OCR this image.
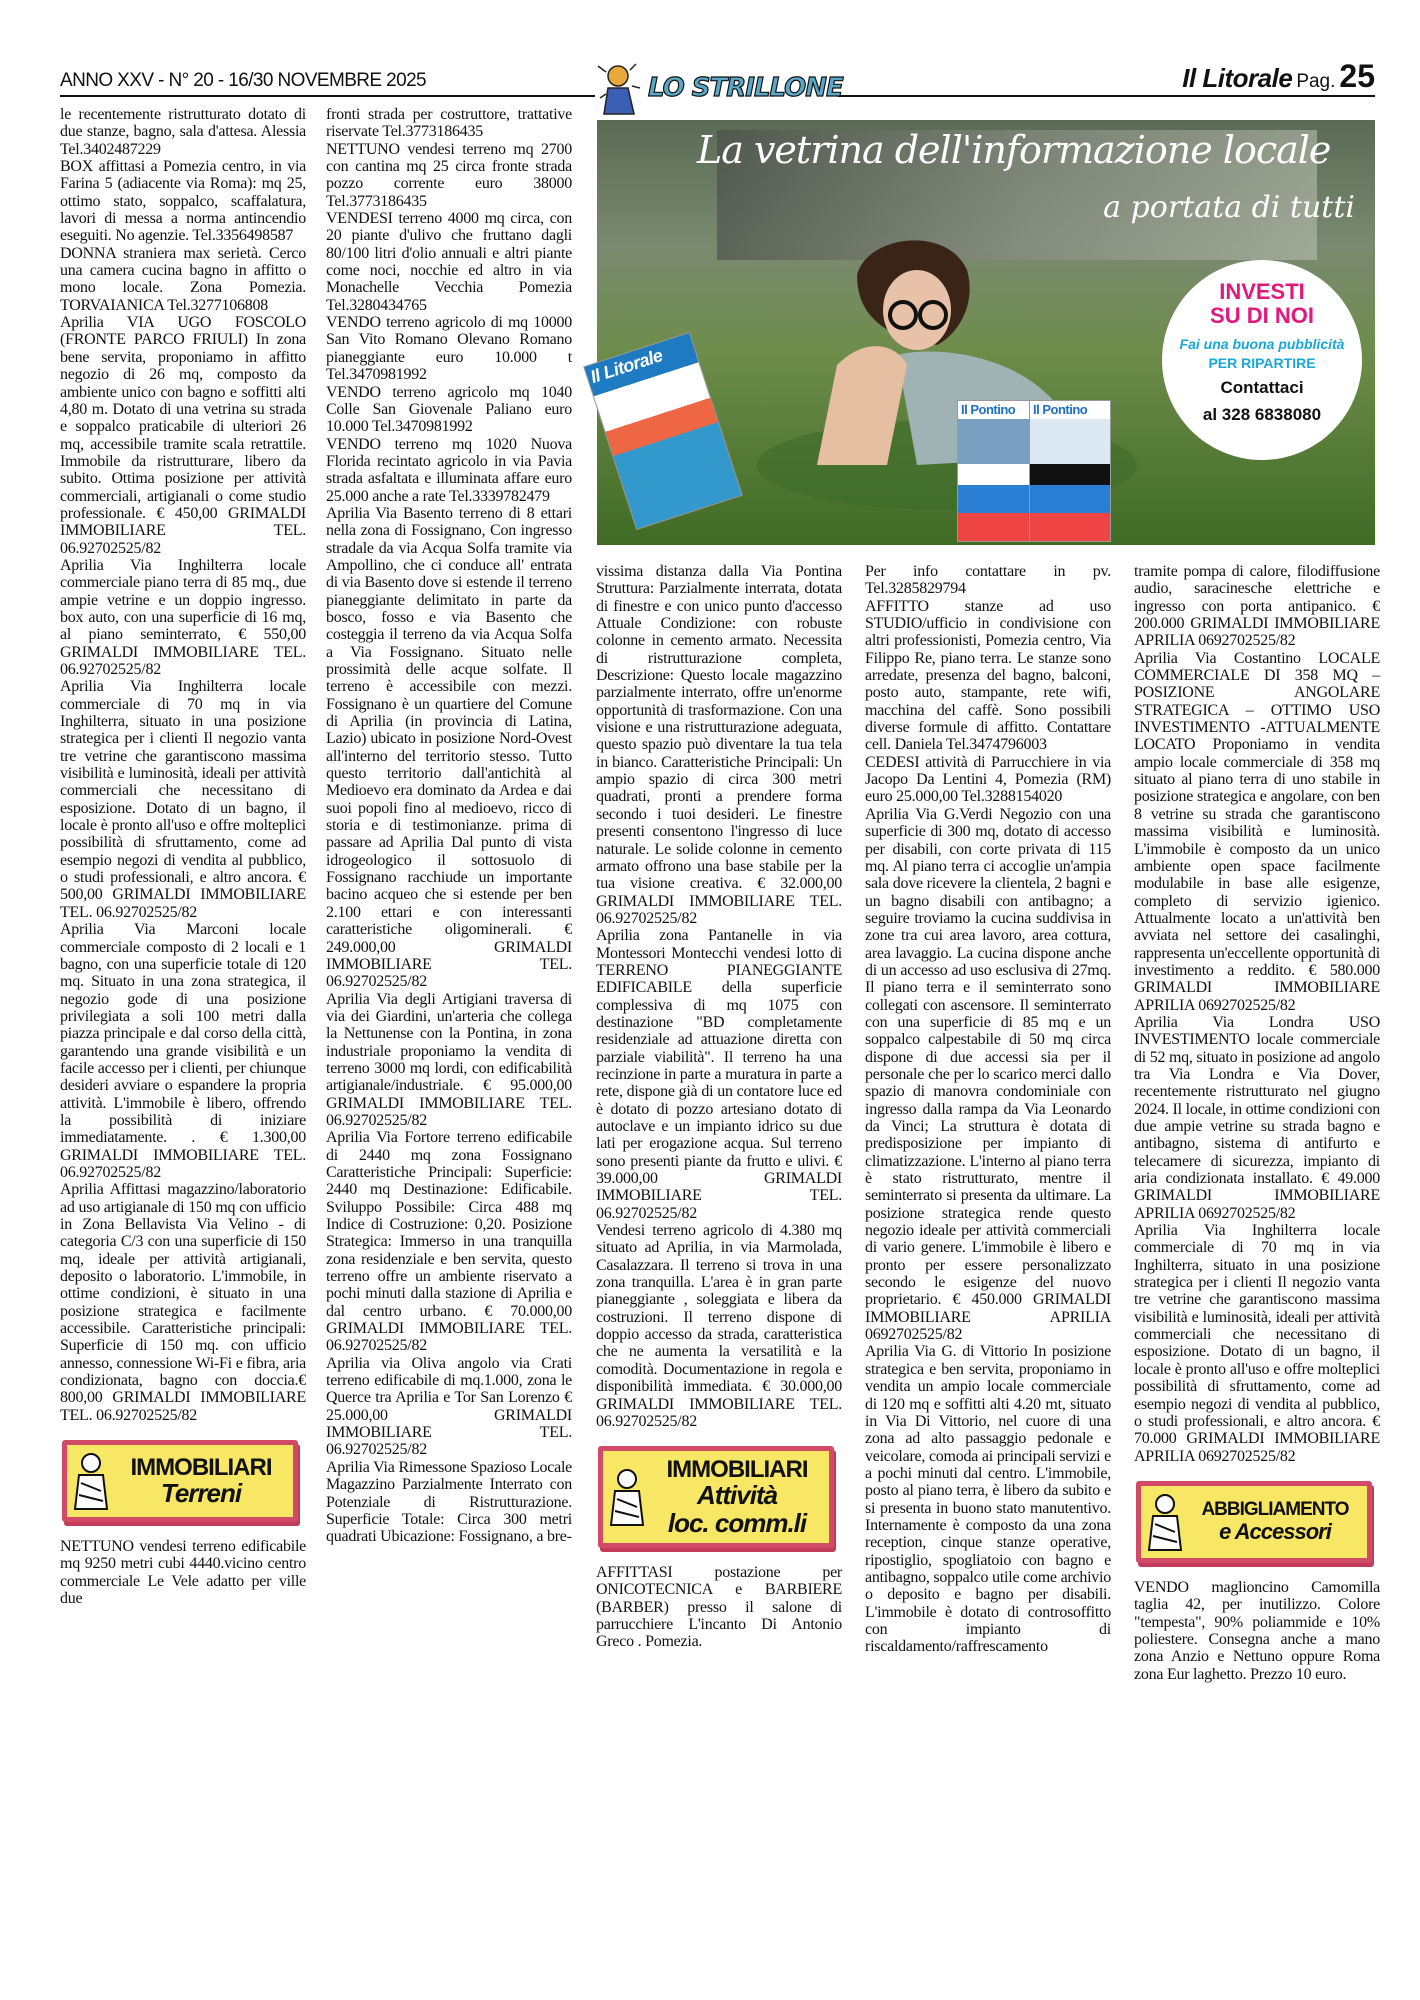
ANNO XXV - N° 20 - 16/30 NOVEMBRE 2025	LO STRILLONE	Il Litorale Pag. 25
Il Litorale
Il Pontino	Il Pontino
La vetrina dell'informazione locale
a portata di tutti
INVESTI
SU DI NOI
Fai una buona pubblicità
PER RIPARTIRE
Contattaci
al 328 6838080

le recentemente ristrutturato dotato di due stanze, bagno, sala d'attesa. Alessia Tel.3402487229

BOX affittasi a Pomezia centro, in via Farina 5 (adiacente via Roma): mq 25, ottimo stato, soppalco, scaffalatura, lavori di messa a norma antincendio eseguiti. No agenzie. Tel.3356498587

DONNA straniera max serietà. Cerco una camera cucina bagno in affitto o mono locale. Zona Pomezia. TORVAIANICA Tel.3277106808

Aprilia VIA UGO FOSCOLO (FRONTE PARCO FRIULI) In zona bene servita, proponiamo in affitto negozio di 26 mq, composto da ambiente unico con bagno e soffitti alti 4,80 m. Dotato di una vetrina su strada e soppalco praticabile di ulteriori 26 mq, accessibile tramite scala retrattile. Immobile da ristrutturare, libero da subito. Ottima posizione per attività commerciali, artigianali o come studio professionale. € 450,00 GRIMALDI IMMOBILIARE TEL. 06.92702525/82

Aprilia Via Inghilterra locale commerciale piano terra di 85 mq., due ampie vetrine e un doppio ingresso. box auto, con una superficie di 16 mq, al piano seminterrato, € 550,00 GRIMALDI IMMOBILIARE TEL. 06.92702525/82

Aprilia Via Inghilterra locale commerciale di 70 mq in via Inghilterra, situato in una posizione strategica per i clienti Il negozio vanta tre vetrine che garantiscono massima visibilità e luminosità, ideali per attività commerciali che necessitano di esposizione. Dotato di un bagno, il locale è pronto all'uso e offre molteplici possibilità di sfruttamento, come ad esempio negozi di vendita al pubblico, o studi professionali, e altro ancora. € 500,00 GRIMALDI IMMOBILIARE TEL. 06.92702525/82

Aprilia Via Marconi locale commerciale composto di 2 locali e 1 bagno, con una superficie totale di 120 mq. Situato in una zona strategica, il negozio gode di una posizione privilegiata a soli 100 metri dalla piazza principale e dal corso della città, garantendo una grande visibilità e un facile accesso per i clienti, per chiunque desideri avviare o espandere la propria attività. L'immobile è libero, offrendo la possibilità di iniziare immediatamente. . € 1.300,00 GRIMALDI IMMOBILIARE TEL. 06.92702525/82

Aprilia Affittasi magazzino/laboratorio ad uso artigianale di 150 mq con ufficio in Zona Bellavista Via Velino - di categoria C/3 con una superficie di 150 mq, ideale per attività artigianali, deposito o laboratorio. L'immobile, in ottime condizioni, è situato in una posizione strategica e facilmente accessibile. Caratteristiche principali: Superficie di 150 mq. con ufficio annesso, connessione Wi-Fi e fibra, aria condizionata, bagno con doccia.€ 800,00 GRIMALDI IMMOBILIARE TEL. 06.92702525/82

IMMOBILIARI
Terreni

NETTUNO vendesi terreno edificabile mq 9250 metri cubi 4440.vicino centro commerciale Le Vele adatto per ville due

fronti strada per costruttore, trattative riservate Tel.3773186435

NETTUNO vendesi terreno mq 2700 con cantina mq 25 circa fronte strada pozzo corrente euro 38000 Tel.3773186435

VENDESI terreno 4000 mq circa, con 20 piante d'ulivo che fruttano dagli 80/100 litri d'olio annuali e altri piante come noci, nocchie ed altro in via Monachelle Vecchia Pomezia Tel.3280434765

VENDO terreno agricolo di mq 10000 San Vito Romano Olevano Romano pianeggiante euro 10.000 t Tel.3470981992

VENDO terreno agricolo mq 1040 Colle San Giovenale Paliano euro 10.000 Tel.3470981992

VENDO terreno mq 1020 Nuova Florida recintato agricolo in via Pavia strada asfaltata e illuminata affare euro 25.000 anche a rate Tel.3339782479

Aprilia Via Basento terreno di 8 ettari nella zona di Fossignano, Con ingresso stradale da via Acqua Solfa tramite via Ampollino, che ci conduce all' entrata di via Basento dove si estende il terreno pianeggiante delimitato in parte da bosco, fosso e via Basento che costeggia il terreno da via Acqua Solfa a Via Fossignano. Situato nelle prossimità delle acque solfate. Il terreno è accessibile con mezzi. Fossignano è un quartiere del Comune di Aprilia (in provincia di Latina, Lazio) ubicato in posizione Nord-Ovest all'interno del territorio stesso. Tutto questo territorio dall'antichità al Medioevo era dominato da Ardea e dai suoi popoli fino al medioevo, ricco di storia e di testimonianze. prima di passare ad Aprilia Dal punto di vista idrogeologico il sottosuolo di Fossignano racchiude un importante bacino acqueo che si estende per ben 2.100 ettari e con interessanti caratteristiche oligominerali. € 249.000,00 GRIMALDI IMMOBILIARE TEL. 06.92702525/82

Aprilia Via degli Artigiani traversa di via dei Giardini, un'arteria che collega la Nettunense con la Pontina, in zona industriale proponiamo la vendita di terreno 3000 mq lordi, con edificabilità artigianale/industriale. € 95.000,00 GRIMALDI IMMOBILIARE TEL. 06.92702525/82

Aprilia Via Fortore terreno edificabile di 2440 mq zona Fossignano Caratteristiche Principali: Superficie: 2440 mq Destinazione: Edificabile. Sviluppo Possibile: Circa 488 mq Indice di Costruzione: 0,20. Posizione Strategica: Immerso in una tranquilla zona residenziale e ben servita, questo terreno offre un ambiente riservato a pochi minuti dalla stazione di Aprilia e dal centro urbano. € 70.000,00 GRIMALDI IMMOBILIARE TEL. 06.92702525/82

Aprilia via Oliva angolo via Crati terreno edificabile di mq.1.000, zona le Querce tra Aprilia e Tor San Lorenzo € 25.000,00 GRIMALDI IMMOBILIARE TEL. 06.92702525/82

Aprilia Via Rimessone Spazioso Locale Magazzino Parzialmente Interrato con Potenziale di Ristrutturazione. Superficie Totale: Circa 300 metri quadrati Ubicazione: Fossignano, a bre-

vissima distanza dalla Via Pontina Struttura: Parzialmente interrata, dotata di finestre e con unico punto d'accesso Attuale Condizione: con robuste colonne in cemento armato. Necessita di ristrutturazione completa, Descrizione: Questo locale magazzino parzialmente interrato, offre un'enorme opportunità di trasformazione. Con una visione e una ristrutturazione adeguata, questo spazio può diventare la tua tela in bianco. Caratteristiche Principali: Un ampio spazio di circa 300 metri quadrati, pronti a prendere forma secondo i tuoi desideri. Le finestre presenti consentono l'ingresso di luce naturale. Le solide colonne in cemento armato offrono una base stabile per la tua visione creativa. € 32.000,00 GRIMALDI IMMOBILIARE TEL. 06.92702525/82

Aprilia zona Pantanelle in via Montessori Montecchi vendesi lotto di TERRENO PIANEGGIANTE EDIFICABILE della superficie complessiva di mq 1075 con destinazione "BD completamente residenziale ad attuazione diretta con parziale viabilità". Il terreno ha una recinzione in parte a muratura in parte a rete, dispone già di un contatore luce ed è dotato di pozzo artesiano dotato di autoclave e un impianto idrico su due lati per erogazione acqua. Sul terreno sono presenti piante da frutto e ulivi. € 39.000,00 GRIMALDI IMMOBILIARE TEL. 06.92702525/82

Vendesi terreno agricolo di 4.380 mq situato ad Aprilia, in via Marmolada, Casalazzara. Il terreno si trova in una zona tranquilla. L'area è in gran parte pianeggiante , soleggiata e libera da costruzioni. Il terreno dispone di doppio accesso da strada, caratteristica che ne aumenta la versatilità e la comodità. Documentazione in regola e disponibilità immediata. € 30.000,00 GRIMALDI IMMOBILIARE TEL. 06.92702525/82

IMMOBILIARI
Attività
loc. comm.li

AFFITTASI postazione per ONICOTECNICA e BARBIERE (BARBER) presso il salone di parrucchiere L'incanto Di Antonio Greco . Pomezia.

Per info contattare in pv. Tel.3285829794

AFFITTO stanze ad uso STUDIO/ufficio in condivisione con altri professionisti, Pomezia centro, Via Filippo Re, piano terra. Le stanze sono arredate, presenza del bagno, balconi, posto auto, stampante, rete wifi, macchina del caffè. Sono possibili diverse formule di affitto. Contattare cell. Daniela Tel.3474796003

CEDESI attività di Parrucchiere in via Jacopo Da Lentini 4, Pomezia (RM) euro 25.000,00 Tel.3288154020

Aprilia Via G.Verdi Negozio con una superficie di 300 mq, dotato di accesso per disabili, con corte privata di 115 mq. Al piano terra ci accoglie un'ampia sala dove ricevere la clientela, 2 bagni e un bagno disabili con antibagno; a seguire troviamo la cucina suddivisa in zone tra cui area lavoro, area cottura, area lavaggio. La cucina dispone anche di un accesso ad uso esclusiva di 27mq. Il piano terra e il seminterrato sono collegati con ascensore. Il seminterrato con una superficie di 85 mq e un soppalco calpestabile di 50 mq circa dispone di due accessi sia per il personale che per lo scarico merci dallo spazio di manovra condominiale con ingresso dalla rampa da Via Leonardo da Vinci; La struttura è dotata di predisposizione per impianto di climatizzazione. L'interno al piano terra è stato ristrutturato, mentre il seminterrato si presenta da ultimare. La posizione strategica rende questo negozio ideale per attività commerciali di vario genere. L'immobile è libero e pronto per essere personalizzato secondo le esigenze del nuovo proprietario. € 450.000 GRIMALDI IMMOBILIARE APRILIA 0692702525/82

Aprilia Via G. di Vittorio In posizione strategica e ben servita, proponiamo in vendita un ampio locale commerciale di 120 mq e soffitti alti 4.20 mt, situato in Via Di Vittorio, nel cuore di una zona ad alto passaggio pedonale e veicolare, comoda ai principali servizi e a pochi minuti dal centro. L'immobile, posto al piano terra, è libero da subito e si presenta in buono stato manutentivo. Internamente è composto da una zona reception, cinque stanze operative, ripostiglio, spogliatoio con bagno e antibagno, soppalco utile come archivio o deposito e bagno per disabili. L'immobile è dotato di controsoffitto con impianto di riscaldamento/raffrescamento

tramite pompa di calore, filodiffusione audio, saracinesche elettriche e ingresso con porta antipanico. € 200.000 GRIMALDI IMMOBILIARE APRILIA 0692702525/82

Aprilia Via Costantino LOCALE COMMERCIALE DI 358 MQ – POSIZIONE ANGOLARE STRATEGICA – OTTIMO USO INVESTIMENTO -ATTUALMENTE LOCATO Proponiamo in vendita ampio locale commerciale di 358 mq situato al piano terra di uno stabile in posizione strategica e angolare, con ben 8 vetrine su strada che garantiscono massima visibilità e luminosità. L'immobile è composto da un unico ambiente open space facilmente modulabile in base alle esigenze, completo di servizio igienico. Attualmente locato a un'attività ben avviata nel settore dei casalinghi, rappresenta un'eccellente opportunità di investimento a reddito. € 580.000 GRIMALDI IMMOBILIARE APRILIA 0692702525/82

Aprilia Via Londra USO INVESTIMENTO locale commerciale di 52 mq, situato in posizione ad angolo tra Via Londra e Via Dover, recentemente ristrutturato nel giugno 2024. Il locale, in ottime condizioni con due ampie vetrine su strada bagno e antibagno, sistema di antifurto e telecamere di sicurezza, impianto di aria condizionata installato. € 49.000 GRIMALDI IMMOBILIARE APRILIA 0692702525/82

Aprilia Via Inghilterra locale commerciale di 70 mq in via Inghilterra, situato in una posizione strategica per i clienti Il negozio vanta tre vetrine che garantiscono massima visibilità e luminosità, ideali per attività commerciali che necessitano di esposizione. Dotato di un bagno, il locale è pronto all'uso e offre molteplici possibilità di sfruttamento, come ad esempio negozi di vendita al pubblico, o studi professionali, e altro ancora. € 70.000 GRIMALDI IMMOBILIARE APRILIA 0692702525/82

ABBIGLIAMENTO
e Accessori

VENDO maglioncino Camomilla taglia 42, per inutilizzo. Colore "tempesta", 90% poliammide e 10% poliestere. Consegna anche a mano zona Anzio e Nettuno oppure Roma zona Eur laghetto. Prezzo 10 euro.
